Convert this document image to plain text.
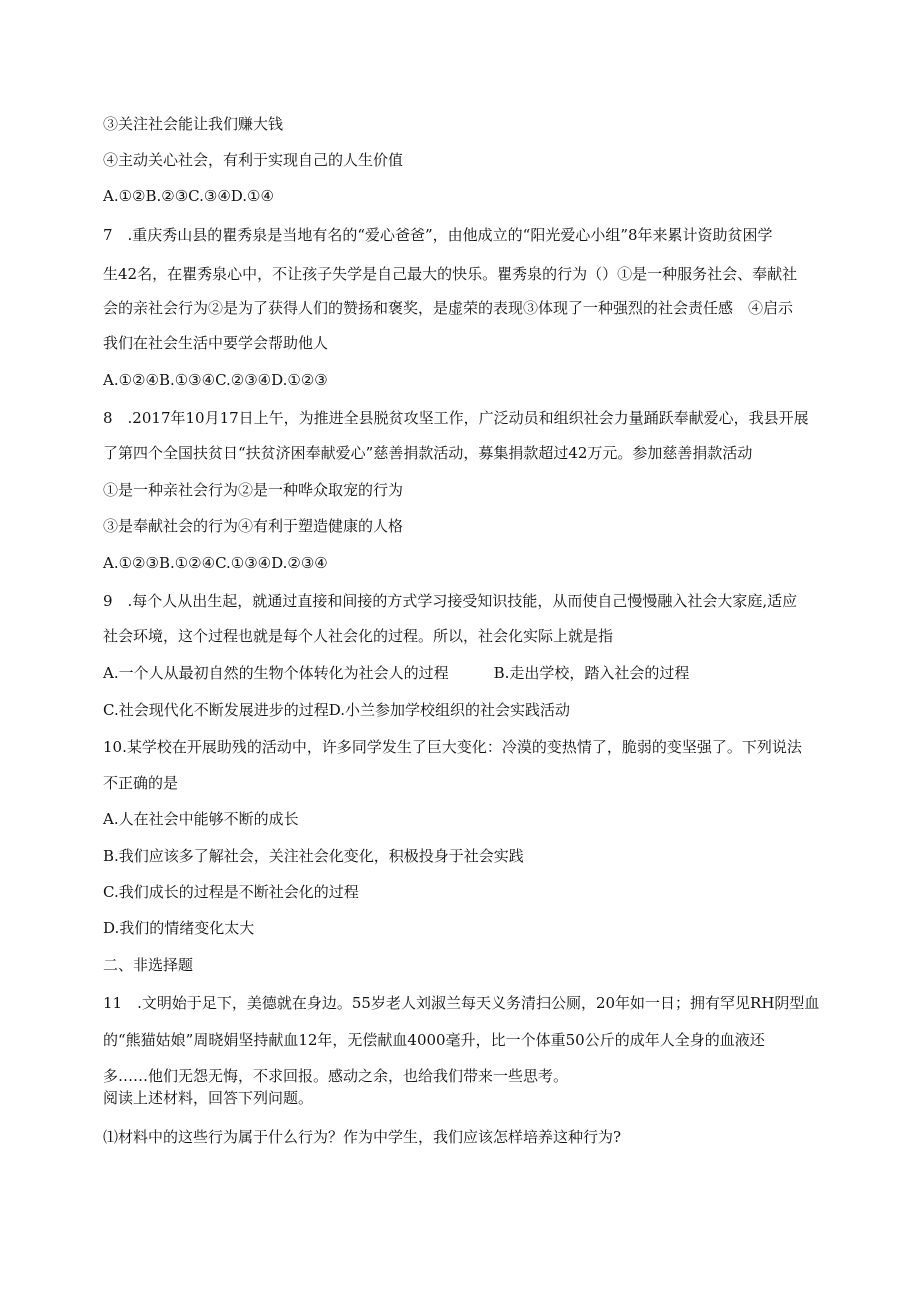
③关注社会能让我们赚大钱
④主动关心社会，有利于实现自己的人生价值
A.①②B.②③C.③④D.①④
7　.重庆秀山县的瞿秀泉是当地有名的“爱心爸爸”，由他成立的“阳光爱心小组”8年来累计资助贫困学
生42名，在瞿秀泉心中，不让孩子失学是自己最大的快乐。瞿秀泉的行为（）①是一种服务社会、奉献社
会的亲社会行为②是为了获得人们的赞扬和褒奖，是虚荣的表现③体现了一种强烈的社会责任感　④启示
我们在社会生活中要学会帮助他人
A.①②④B.①③④C.②③④D.①②③
8　.2017年10月17日上午，为推进全县脱贫攻坚工作，广泛动员和组织社会力量踊跃奉献爱心，我县开展
了第四个全国扶贫日“扶贫济困奉献爱心”慈善捐款活动，募集捐款超过42万元。参加慈善捐款活动
①是一种亲社会行为②是一种哗众取宠的行为
③是奉献社会的行为④有利于塑造健康的人格
A.①②③B.①②④C.①③④D.②③④
9　.每个人从出生起，就通过直接和间接的方式学习接受知识技能，从而使自己慢慢融入社会大家庭,适应
社会环境，这个过程也就是每个人社会化的过程。所以，社会化实际上就是指
A.一个人从最初自然的生物个体转化为社会人的过程　　　B.走出学校，踏入社会的过程
C.社会现代化不断发展进步的过程D.小兰参加学校组织的社会实践活动
10.某学校在开展助残的活动中，许多同学发生了巨大变化：冷漠的变热情了，脆弱的变坚强了。下列说法
不正确的是
A.人在社会中能够不断的成长
B.我们应该多了解社会，关注社会化变化，积极投身于社会实践
C.我们成长的过程是不断社会化的过程
D.我们的情绪变化太大
二、非选择题
11　.文明始于足下，美德就在身边。55岁老人刘淑兰每天义务清扫公厕，20年如一日；拥有罕见RH阴型血
的“熊猫姑娘”周晓娟坚持献血12年，无偿献血4000毫升，比一个体重50公斤的成年人全身的血液还
多……他们无怨无悔，不求回报。感动之余，也给我们带来一些思考。
阅读上述材料，回答下列问题。
⑴材料中的这些行为属于什么行为？作为中学生，我们应该怎样培养这种行为?
